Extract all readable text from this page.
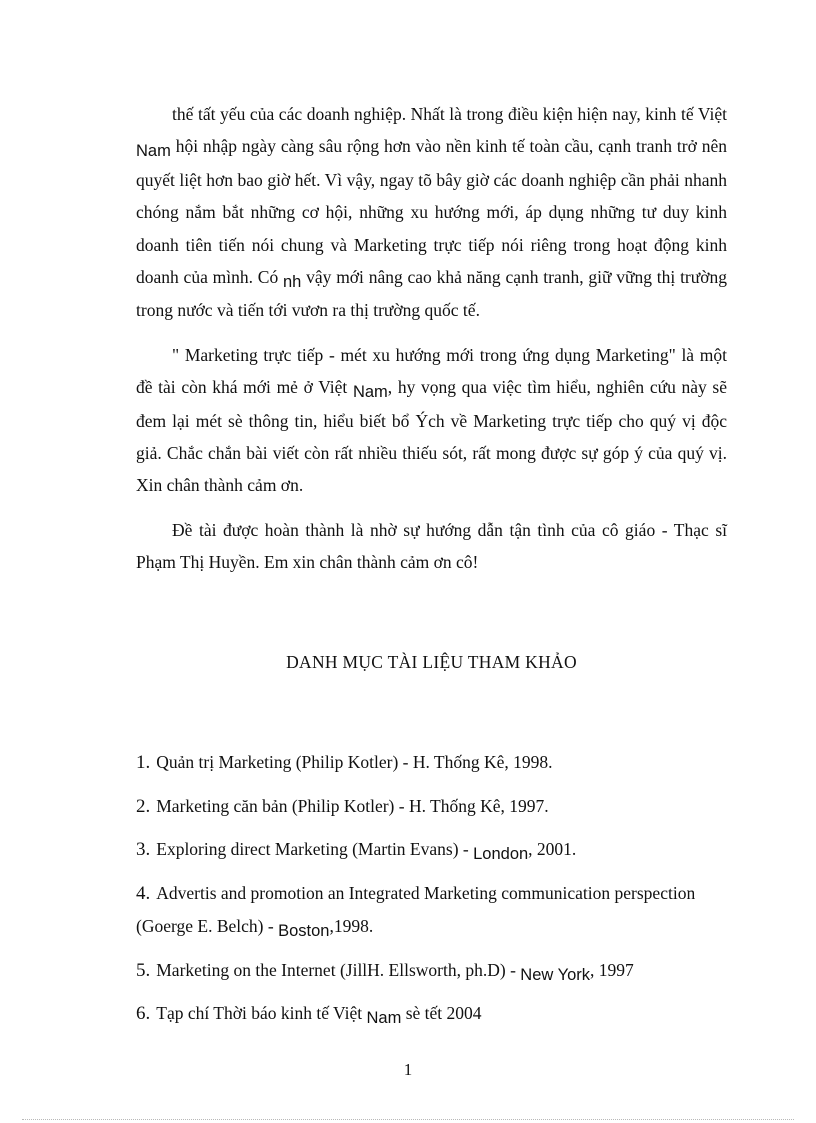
thế tất yếu của các doanh nghiệp. Nhất là trong điều kiện hiện nay, kinh tế Việt Nam hội nhập ngày càng sâu rộng hơn vào nền kinh tế toàn cầu, cạnh tranh trở nên quyết liệt hơn bao giờ hết. Vì vậy, ngay tõ bây giờ các doanh nghiệp cần phải nhanh chóng nắm bắt những cơ hội, những xu hướng mới, áp dụng những tư duy kinh doanh tiên tiến nói chung và Marketing trực tiếp nói riêng trong hoạt động kinh doanh của mình. Có nh vậy mới nâng cao khả năng cạnh tranh, giữ vững thị trường trong nước và tiến tới vươn ra thị trường quốc tế.

" Marketing trực tiếp - mét xu hướng mới trong ứng dụng Marketing" là một đề tài còn khá mới mẻ ở Việt Nam, hy vọng qua việc tìm hiểu, nghiên cứu này sẽ đem lại mét sè thông tin, hiểu biết bổ Ých về Marketing trực tiếp cho quý vị độc giả. Chắc chắn bài viết còn rất nhiều thiếu sót, rất mong được sự góp ý của quý vị. Xin chân thành cảm ơn.

Đề tài được hoàn thành là nhờ sự hướng dẫn tận tình của cô giáo - Thạc sĩ Phạm Thị Huyền. Em xin chân thành cảm ơn cô!

DANH MỤC TÀI LIỆU THAM KHẢO

1. Quản trị Marketing (Philip Kotler) - H. Thống Kê, 1998.

2. Marketing căn bản (Philip Kotler) - H. Thống Kê, 1997.

3. Exploring direct Marketing (Martin Evans) - London, 2001.

4. Advertis and promotion an Integrated Marketing communication perspection (Goerge E. Belch) - Boston,1998.

5. Marketing on the Internet (JillH. Ellsworth, ph.D) - New York, 1997

6. Tạp chí Thời báo kinh tế Việt Nam sè tết 2004

1
